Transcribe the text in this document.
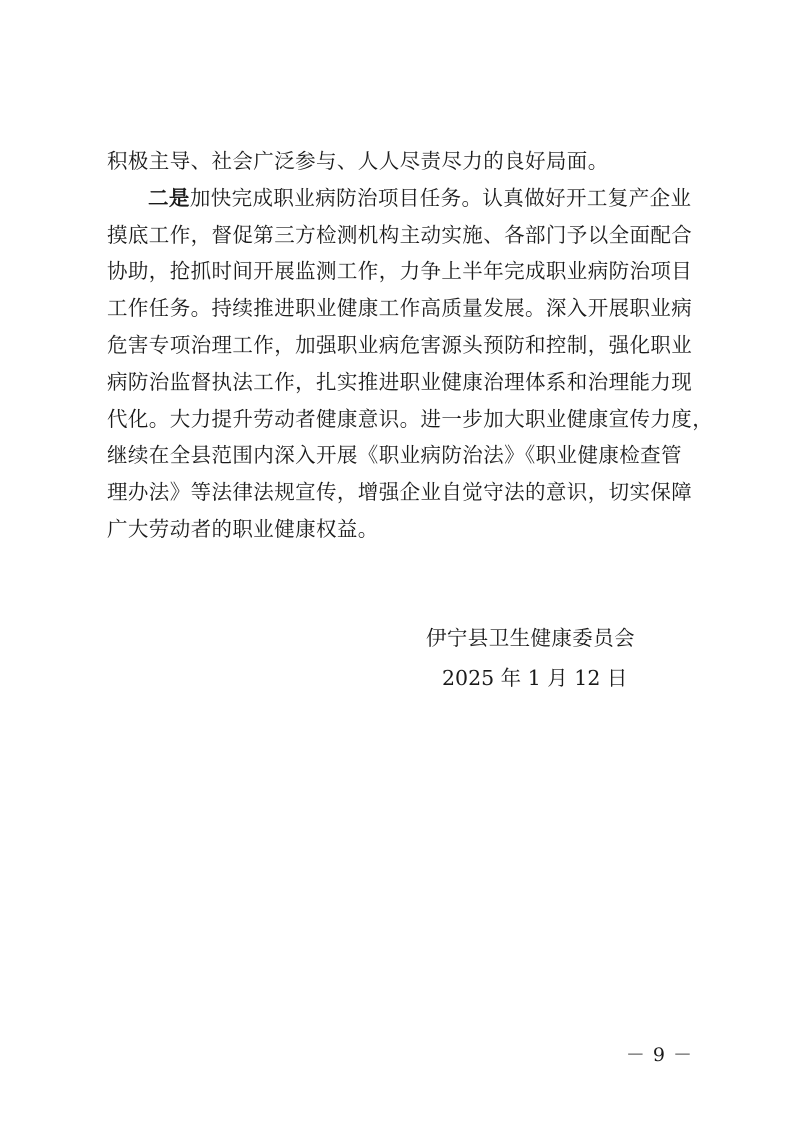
积极主导、社会广泛参与、人人尽责尽力的良好局面。
二是加快完成职业病防治项目任务。认真做好开工复产企业
摸底工作，督促第三方检测机构主动实施、各部门予以全面配合
协助，抢抓时间开展监测工作，力争上半年完成职业病防治项目
工作任务。持续推进职业健康工作高质量发展。深入开展职业病
危害专项治理工作，加强职业病危害源头预防和控制，强化职业
病防治监督执法工作，扎实推进职业健康治理体系和治理能力现
代化。大力提升劳动者健康意识。进一步加大职业健康宣传力度，
继续在全县范围内深入开展《职业病防治法》《职业健康检查管
理办法》等法律法规宣传，增强企业自觉守法的意识，切实保障
广大劳动者的职业健康权益。
伊宁县卫生健康委员会
2025 年 1 月 12 日
－ 9 －
